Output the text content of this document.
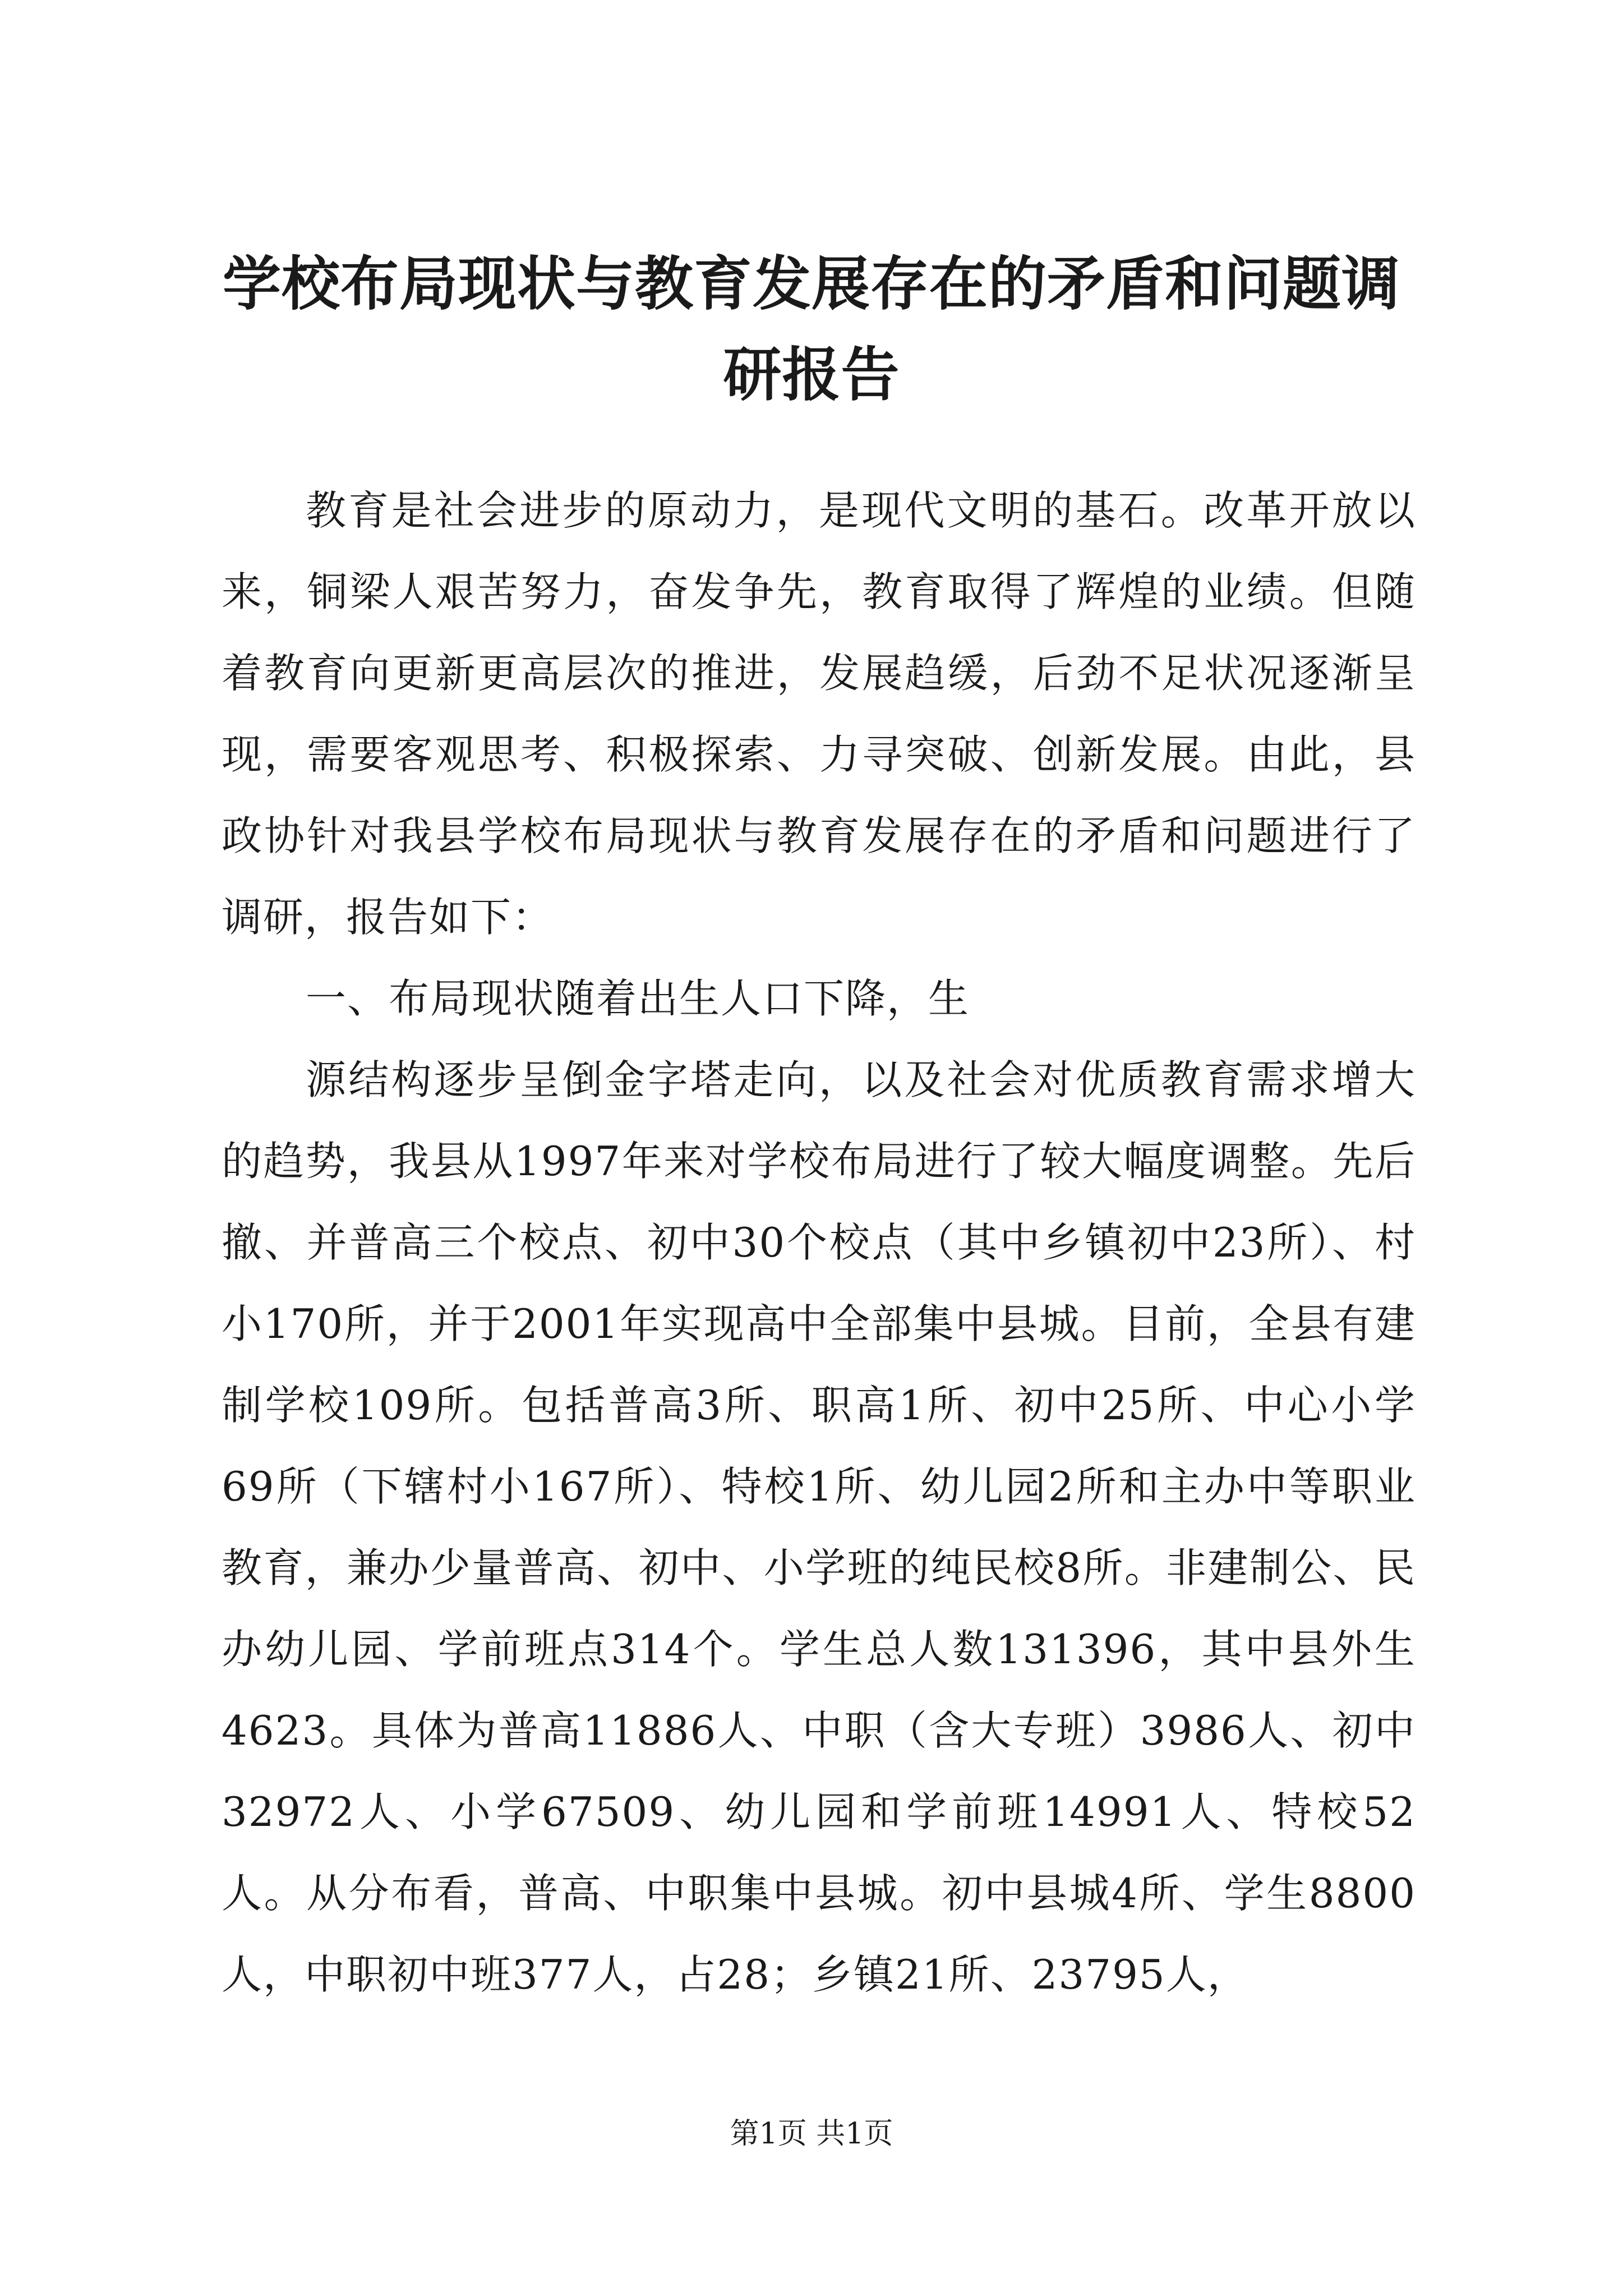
学校布局现状与教育发展存在的矛盾和问题调
研报告

教育是社会进步的原动力，是现代文明的基石。改革开放以来，铜梁人艰苦努力，奋发争先，教育取得了辉煌的业绩。但随着教育向更新更高层次的推进，发展趋缓，后劲不足状况逐渐呈现，需要客观思考、积极探索、力寻突破、创新发展。由此，县政协针对我县学校布局现状与教育发展存在的矛盾和问题进行了调研，报告如下：

一、布局现状随着出生人口下降，生

源结构逐步呈倒金字塔走向，以及社会对优质教育需求增大的趋势，我县从1997年来对学校布局进行了较大幅度调整。先后撤、并普高三个校点、初中30个校点（其中乡镇初中23所）、村小170所，并于2001年实现高中全部集中县城。目前，全县有建制学校109所。包括普高3所、职高1所、初中25所、中心小学69所（下辖村小167所）、特校1所、幼儿园2所和主办中等职业教育，兼办少量普高、初中、小学班的纯民校8所。非建制公、民办幼儿园、学前班点314个。学生总人数131396，其中县外生4623。具体为普高11886人、中职（含大专班）3986人、初中32972人、小学67509、幼儿园和学前班14991人、特校52人。从分布看，普高、中职集中县城。初中县城4所、学生8800人，中职初中班377人，占28；乡镇21所、23795人，

第1页 共1页
